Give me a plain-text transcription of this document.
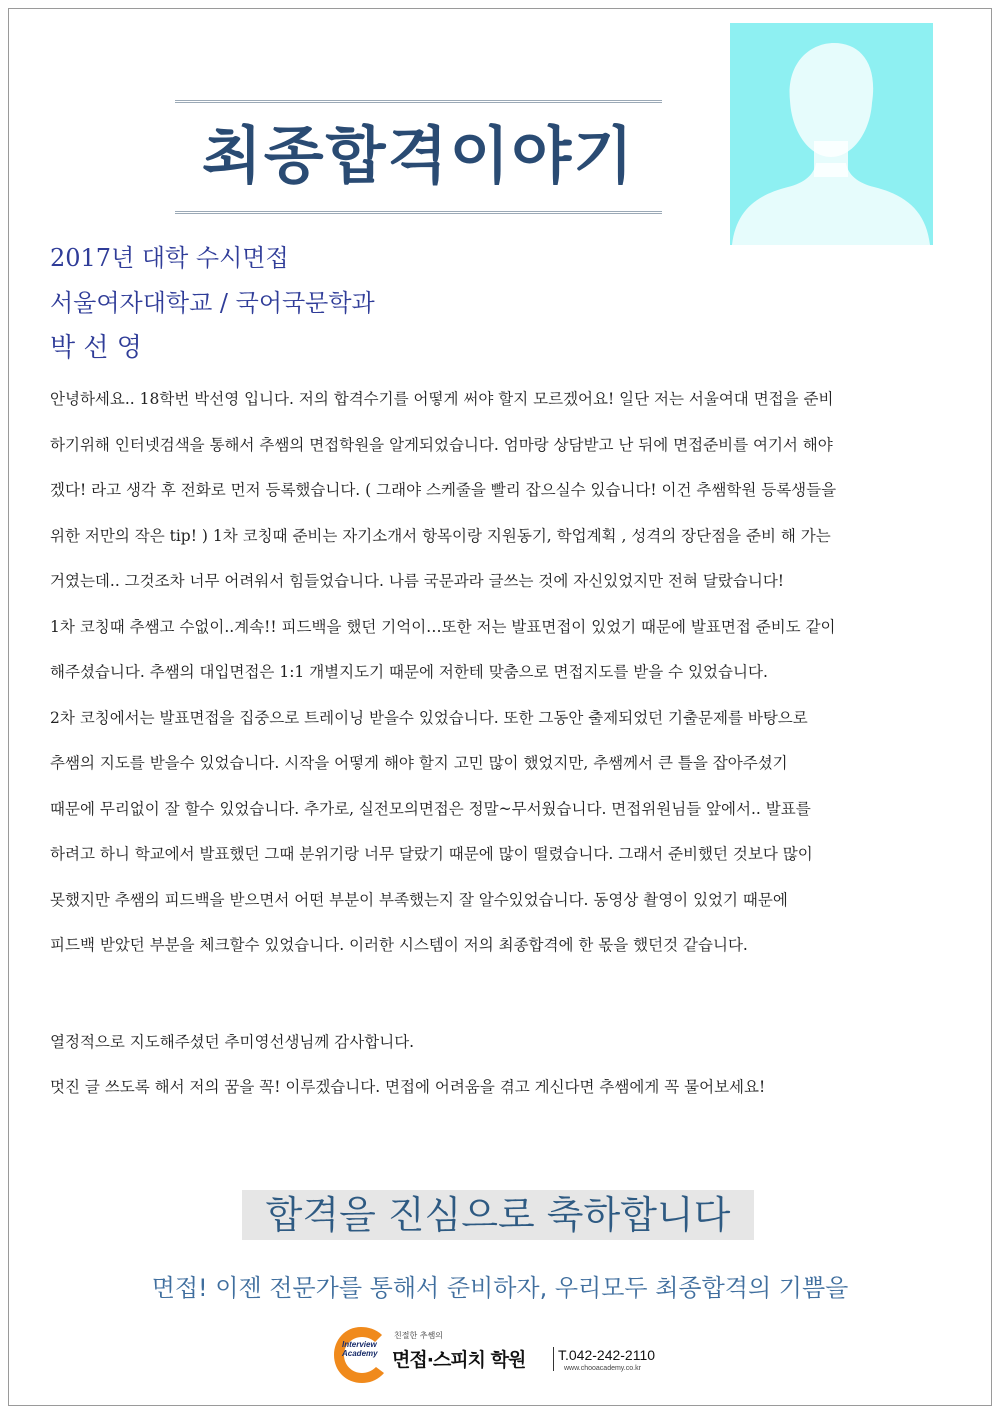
최종합격이야기
2017년 대학 수시면접
서울여자대학교 / 국어국문학과
박 선 영

안녕하세요.. 18학번 박선영 입니다. 저의 합격수기를 어떻게 써야 할지 모르겠어요! 일단 저는 서울여대 면접을 준비

하기위해 인터넷검색을 통해서 추쌤의 면접학원을 알게되었습니다. 엄마랑 상담받고 난 뒤에 면접준비를 여기서 해야

겠다! 라고 생각 후 전화로 먼저 등록했습니다. ( 그래야 스케줄을 빨리 잡으실수 있습니다! 이건 추쌤학원 등록생들을

위한 저만의 작은 tip! ) 1차 코칭때 준비는 자기소개서 항목이랑 지원동기, 학업계획 , 성격의 장단점을 준비 해 가는

거였는데.. 그것조차 너무 어려워서 힘들었습니다. 나름 국문과라 글쓰는 것에 자신있었지만 전혀 달랐습니다!

1차 코칭때 추쌤고 수없이..계속!! 피드백을 했던 기억이…또한 저는 발표면접이 있었기 때문에 발표면접 준비도 같이

해주셨습니다. 추쌤의 대입면접은 1:1 개별지도기 때문에 저한테 맞춤으로 면접지도를 받을 수 있었습니다.

2차 코칭에서는 발표면접을 집중으로 트레이닝 받을수 있었습니다. 또한 그동안 출제되었던 기출문제를 바탕으로

추쌤의 지도를 받을수 있었습니다. 시작을 어떻게 해야 할지 고민 많이 했었지만, 추쌤께서 큰 틀을 잡아주셨기

때문에 무리없이 잘 할수 있었습니다. 추가로, 실전모의면접은 정말~무서웠습니다. 면접위원님들 앞에서.. 발표를

하려고 하니 학교에서 발표했던 그때 분위기랑 너무 달랐기 때문에 많이 떨렸습니다. 그래서 준비했던 것보다 많이

못했지만 추쌤의 피드백을 받으면서 어떤 부분이 부족했는지 잘 알수있었습니다. 동영상 촬영이 있었기 때문에

피드백 받았던 부분을 체크할수 있었습니다. 이러한 시스템이 저의 최종합격에 한 몫을 했던것 같습니다.

열정적으로 지도해주셨던 추미영선생님께 감사합니다.

멋진 글 쓰도록 해서 저의 꿈을 꼭! 이루겠습니다. 면접에 어려움을 겪고 게신다면 추쌤에게 꼭 물어보세요!

합격을 진심으로 축하합니다
면접! 이젠 전문가를 통해서 준비하자, 우리모두 최종합격의 기쁨을
Interview
Academy
친절한 추쌤의
면접·스피치 학원 T.042-242-2110
www.chooacademy.co.kr
